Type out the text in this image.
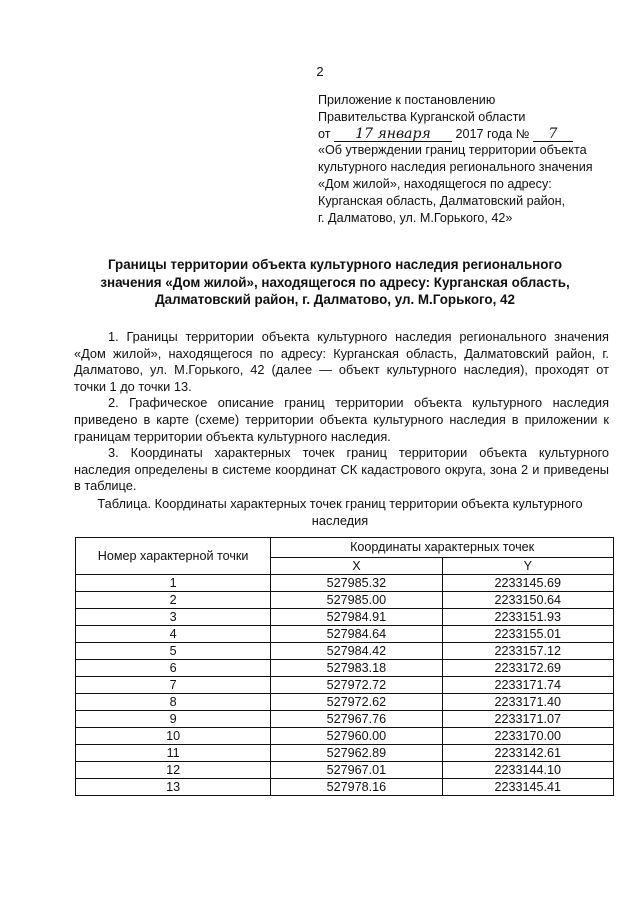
2
Приложение к постановлению
Правительства Курганской области
от 17 января 2017 года № 7
«Об утверждении границ территории объекта
культурного наследия регионального значения
«Дом жилой», находящегося по адресу:
Курганская область, Далматовский район,
г. Далматово, ул. М.Горького, 42»
Границы территории объекта культурного наследия регионального
значения «Дом жилой», находящегося по адресу: Курганская область,
Далматовский район, г. Далматово, ул. М.Горького, 42

1. Границы территории объекта культурного наследия регионального значения «Дом жилой», находящегося по адресу: Курганская область, Далматовский район, г. Далматово, ул. М.Горького, 42 (далее — объект культурного наследия), проходят от точки 1 до точки 13.

2. Графическое описание границ территории объекта культурного наследия приведено в карте (схеме) территории объекта культурного наследия в приложении к границам территории объекта культурного наследия.

3. Координаты характерных точек границ территории объекта культурного наследия определены в системе координат СК кадастрового округа, зона 2 и приведены в таблице.

Таблица. Координаты характерных точек границ территории объекта культурного
наследия
Номер характерной точки	Координаты характерных точек	
	X	Y
1	527985.32	2233145.69
2	527985.00	2233150.64
3	527984.91	2233151.93
4	527984.64	2233155.01
5	527984.42	2233157.12
6	527983.18	2233172.69
7	527972.72	2233171.74
8	527972.62	2233171.40
9	527967.76	2233171.07
10	527960.00	2233170.00
11	527962.89	2233142.61
12	527967.01	2233144.10
13	527978.16	2233145.41
